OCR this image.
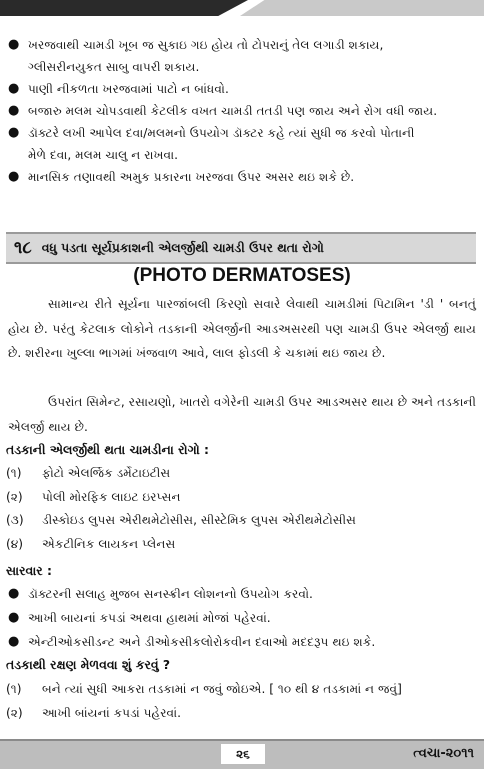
● ખરજવાથી ચામડી ખૂબ જ સુકાઇ ગઇ હોય તો ટોપરાનું તેલ લગાડી શકાય,
ગ્લીસરીનયુકત સાબુ વાપરી શકાય.
● પાણી નીકળતા ખરજવામાં પાટો ન બાંધવો.
● બજારુ મલમ ચોપડવાથી કેટલીક વખત ચામડી તતડી પણ જાય અને રોગ વધી જાય.
● ડૉક્ટરે લખી આપેલ દવા/મલમનો ઉપયોગ ડૉક્ટર કહે ત્યાં સુધી જ કરવો પોતાની
મેળે દવા, મલમ ચાલુ ન રાખવા.
● માનસિક તણાવથી અમુક પ્રકારના ખરજવા ઉપર અસર થઇ શકે છે.
૧૮ વધુ પડતા સૂર્યપ્રકાશની એલર્જીથી ચામડી ઉપર થતા રોગો
(PHOTO DERMATOSES)
સામાન્ય રીતે સૂર્યના પારજાંબલી કિરણો સવારે લેવાથી ચામડીમાં પિટામિન 'ડી ' બનતું હોય છે. પરંતુ કેટલાક લોકોને તડકાની એલર્જીની આડઅસરથી પણ ચામડી ઉપર એલર્જી થાય છે. શરીરના ખુલ્લા ભાગમાં ખંજવાળ આવે, લાલ ફોડલી કે ચકામાં થઇ જાય છે.
ઉપરાંત સિમેન્ટ, રસાયણો, ખાતરો વગેરેની ચામડી ઉપર આડઅસર થાય છે અને તડકાની એલર્જી થાય છે.
તડકાની એલર્જીથી થતા ચામડીના રોગો :
(૧)	ફોટો એલર્જિક ડર્મેટાઇટીસ
(૨)	પોલી મોરફિક લાઇટ ઇરપ્સન
(૩)	ડીસ્કોઇડ લુપસ એરીથમેટોસીસ, સીસ્ટેમિક લુપસ એરીથમેટોસીસ
(૪)	એકટીનિક લાયકન પ્લેનસ
સારવાર :
● ડૉક્ટરની સલાહ મુજબ સનસ્ક્રીન લોશનનો ઉપયોગ કરવો.
● આખી બાયનાં કપડાં અથવા હાથમાં મોજાં પહેરવાં.
● એન્ટીઓકસીડન્ટ અને ડીઓકસીકલોરોકવીન દવાઓ મદદરૂપ થઇ શકે.
તડકાથી રક્ષણ મેળવવા શું કરવું ?
(૧)	બને ત્યાં સુધી આકરા તડકામાં ન જવું જોઇએ. [ ૧૦ થી ૪ તડકામાં ન જવું]
(૨)	આખી બાંયનાં કપડાં પહેરવાં.
૨૬	ત્વચા-૨૦૧૧
